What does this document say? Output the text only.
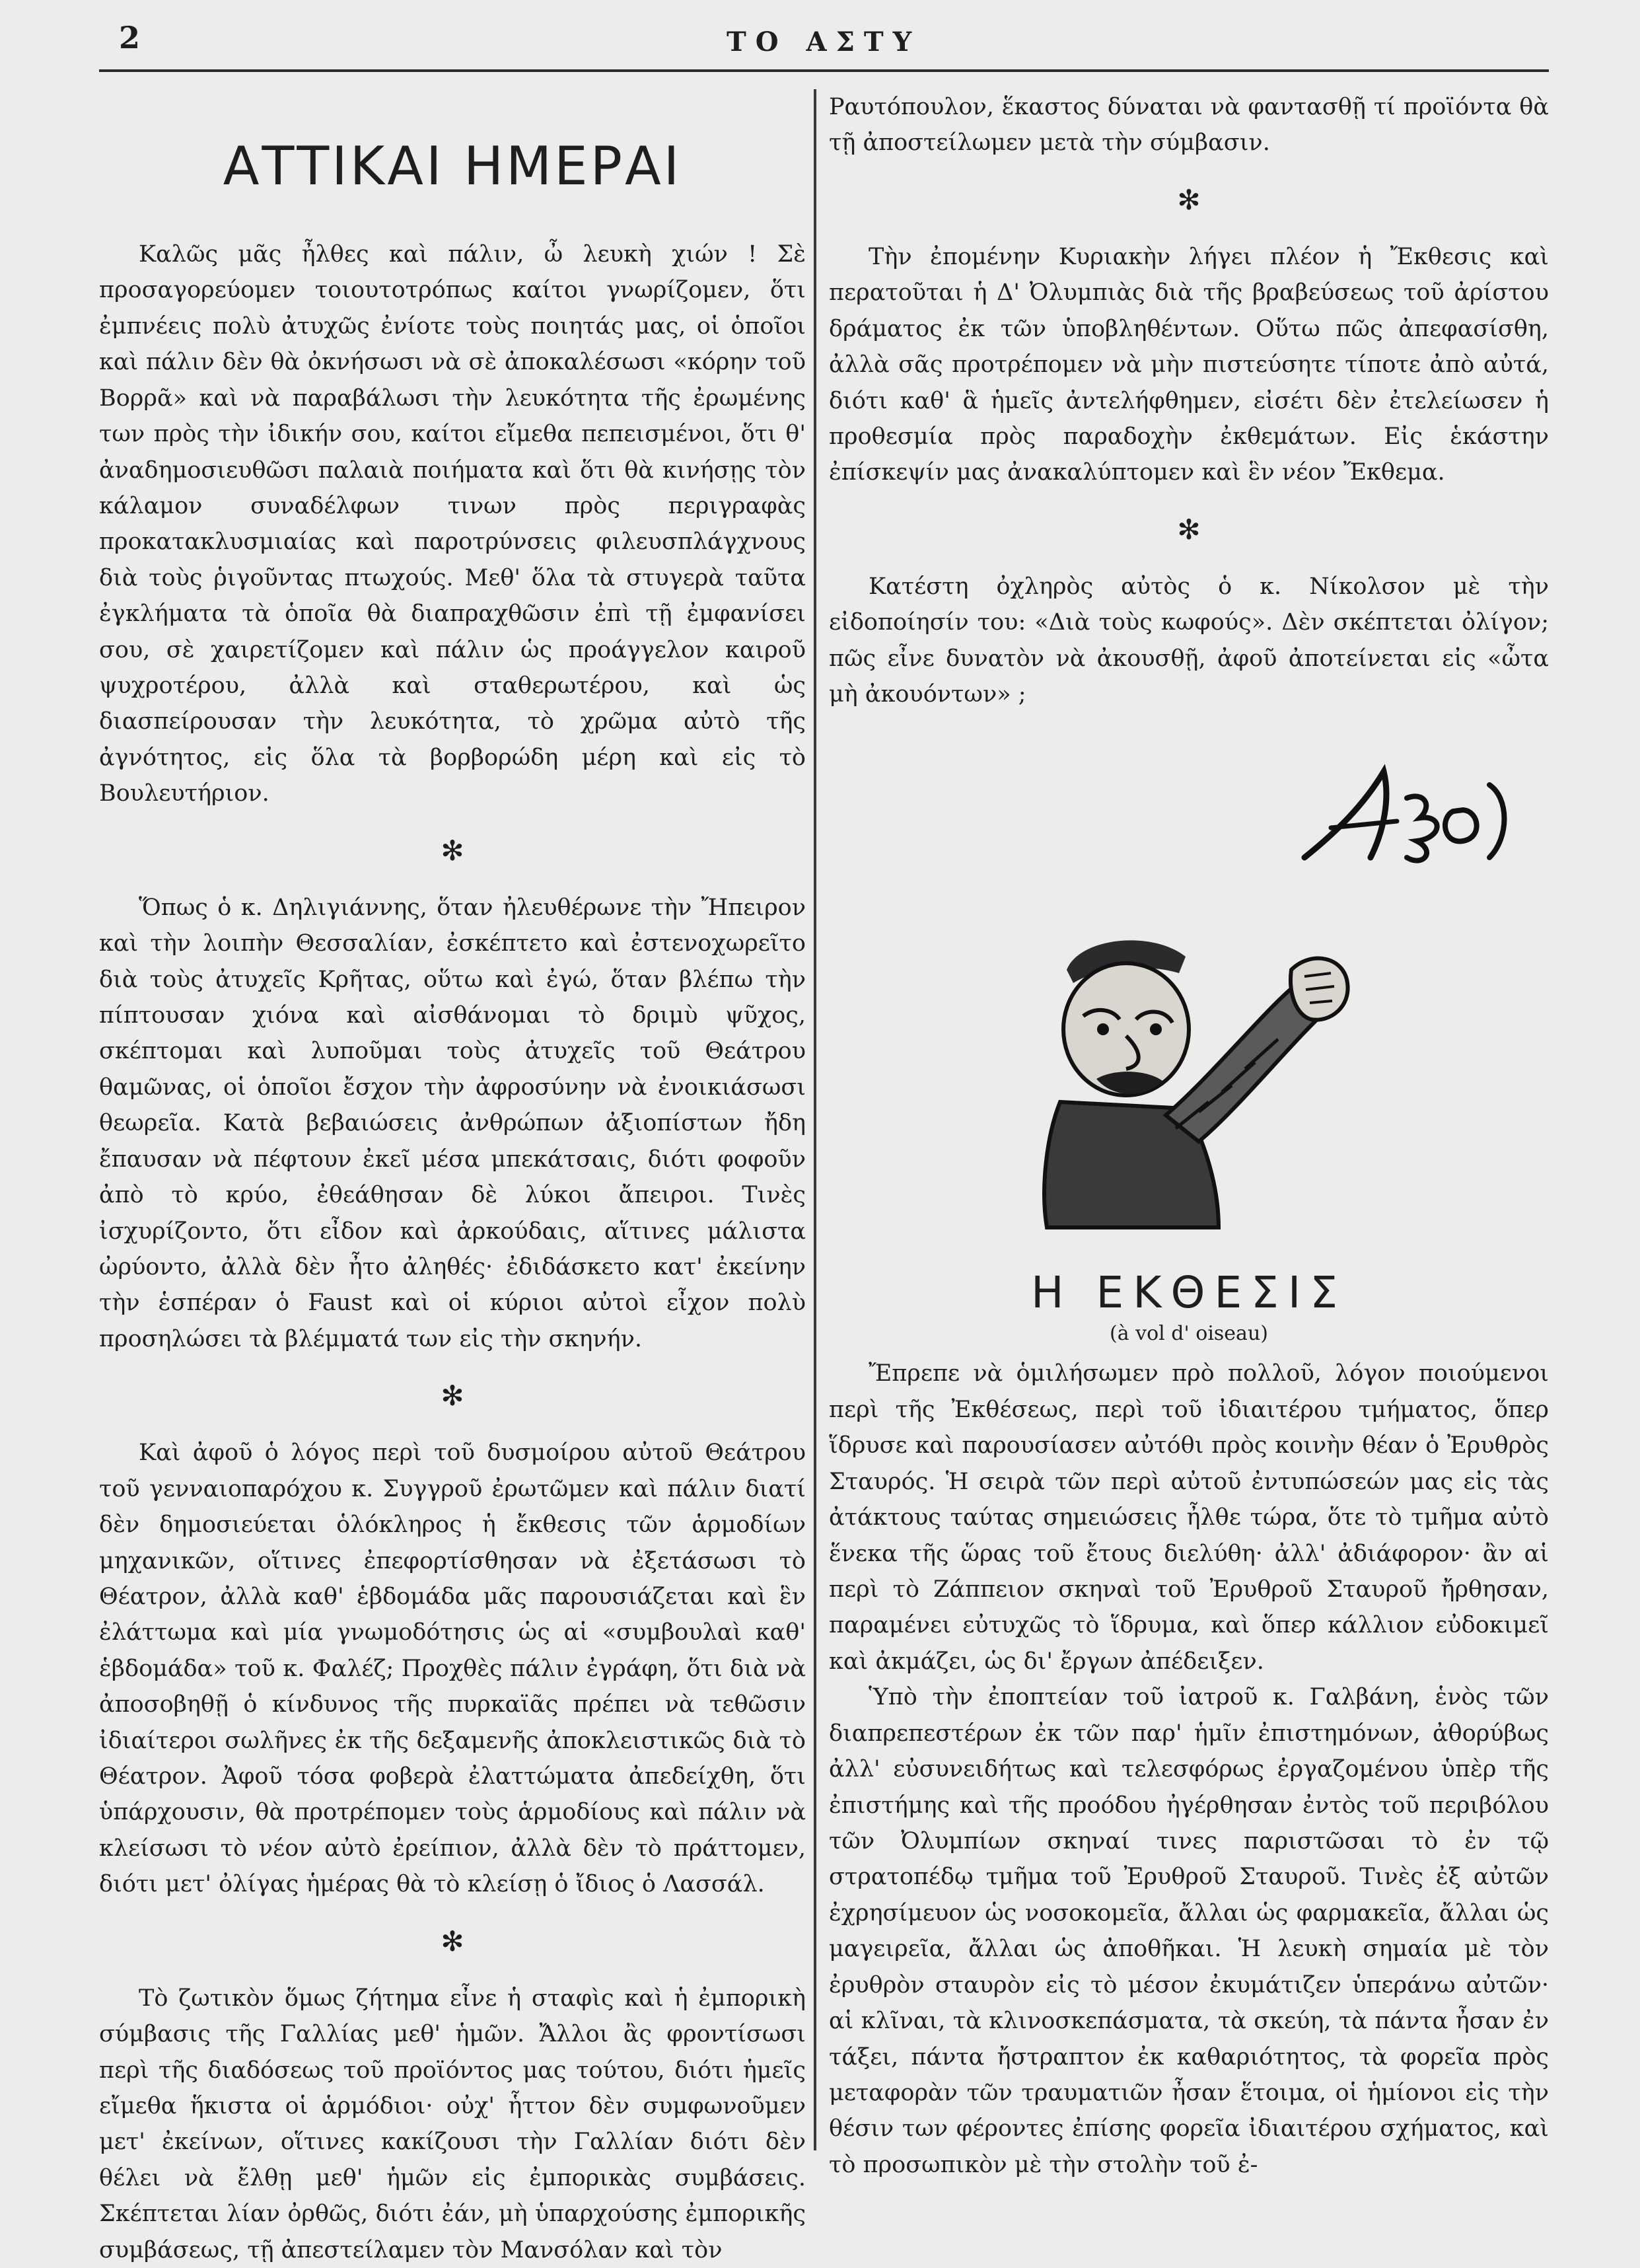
2	ΤΟ ΑΣΤΥ
ΑΤΤΙΚΑΙ ΗΜΕΡΑΙ

Καλῶς μᾶς ἦλθες καὶ πάλιν, ὦ λευκὴ χιών ! Σὲ προσαγορεύομεν τοιουτοτρόπως καίτοι γνωρίζομεν, ὅτι ἐμπνέεις πολὺ ἀτυχῶς ἐνίοτε τοὺς ποιητάς μας, οἱ ὁποῖοι καὶ πάλιν δὲν θὰ ὀκνήσωσι νὰ σὲ ἀποκαλέσωσι «κόρην τοῦ Βορρᾶ» καὶ νὰ παραβάλωσι τὴν λευκότητα τῆς ἐρωμένης των πρὸς τὴν ἰδικήν σου, καίτοι εἴμεθα πεπεισμένοι, ὅτι θ' ἀναδημοσιευθῶσι παλαιὰ ποιήματα καὶ ὅτι θὰ κινήσῃς τὸν κάλαμον συναδέλφων τινων πρὸς περιγραφὰς προκατακλυσμιαίας καὶ παροτρύνσεις φιλευσπλάγχνους διὰ τοὺς ῥιγοῦντας πτωχούς. Μεθ' ὅλα τὰ στυγερὰ ταῦτα ἐγκλήματα τὰ ὁποῖα θὰ διαπραχθῶσιν ἐπὶ τῇ ἐμφανίσει σου, σὲ χαιρετίζομεν καὶ πάλιν ὡς προάγγελον καιροῦ ψυχροτέρου, ἀλλὰ καὶ σταθερωτέρου, καὶ ὡς διασπείρουσαν τὴν λευκότητα, τὸ χρῶμα αὐτὸ τῆς ἀγνότητος, εἰς ὅλα τὰ βορβορώδη μέρη καὶ εἰς τὸ Βουλευτήριον.

✻

Ὅπως ὁ κ. Δηλιγιάννης, ὅταν ἠλευθέρωνε τὴν Ἤπειρον καὶ τὴν λοιπὴν Θεσσαλίαν, ἐσκέπτετο καὶ ἐστενοχωρεῖτο διὰ τοὺς ἀτυχεῖς Κρῆτας, οὕτω καὶ ἐγώ, ὅταν βλέπω τὴν πίπτουσαν χιόνα καὶ αἰσθάνομαι τὸ δριμὺ ψῦχος, σκέπτομαι καὶ λυποῦμαι τοὺς ἀτυχεῖς τοῦ Θεάτρου θαμῶνας, οἱ ὁποῖοι ἔσχον τὴν ἀφροσύνην νὰ ἐνοικιάσωσι θεωρεῖα. Κατὰ βεβαιώσεις ἀνθρώπων ἀξιοπίστων ἤδη ἔπαυσαν νὰ πέφτουν ἐκεῖ μέσα μπεκάτσαις, διότι φοφοῦν ἀπὸ τὸ κρύο, ἐθεάθησαν δὲ λύκοι ἄπειροι. Τινὲς ἰσχυρίζοντο, ὅτι εἶδον καὶ ἀρκούδαις, αἵτινες μάλιστα ὠρύοντο, ἀλλὰ δὲν ἦτο ἀληθές· ἐδιδάσκετο κατ' ἐκείνην τὴν ἑσπέραν ὁ Faust καὶ οἱ κύριοι αὐτοὶ εἶχον πολὺ προσηλώσει τὰ βλέμματά των εἰς τὴν σκηνήν.

✻

Καὶ ἀφοῦ ὁ λόγος περὶ τοῦ δυσμοίρου αὐτοῦ Θεάτρου τοῦ γενναιοπαρόχου κ. Συγγροῦ ἐρωτῶμεν καὶ πάλιν διατί δὲν δημοσιεύεται ὁλόκληρος ἡ ἔκθεσις τῶν ἁρμοδίων μηχανικῶν, οἵτινες ἐπεφορτίσθησαν νὰ ἐξετάσωσι τὸ Θέατρον, ἀλλὰ καθ' ἑβδομάδα μᾶς παρουσιάζεται καὶ ἓν ἐλάττωμα καὶ μία γνωμοδότησις ὡς αἱ «συμβουλαὶ καθ' ἑβδομάδα» τοῦ κ. Φαλέζ; Προχθὲς πάλιν ἐγράφη, ὅτι διὰ νὰ ἀποσοβηθῇ ὁ κίνδυνος τῆς πυρκαϊᾶς πρέπει νὰ τεθῶσιν ἰδιαίτεροι σωλῆνες ἐκ τῆς δεξαμενῆς ἀποκλειστικῶς διὰ τὸ Θέατρον. Ἀφοῦ τόσα φοβερὰ ἐλαττώματα ἀπεδείχθη, ὅτι ὑπάρχουσιν, θὰ προτρέπομεν τοὺς ἁρμοδίους καὶ πάλιν νὰ κλείσωσι τὸ νέον αὐτὸ ἐρείπιον, ἀλλὰ δὲν τὸ πράττομεν, διότι μετ' ὀλίγας ἡμέρας θὰ τὸ κλείσῃ ὁ ἴδιος ὁ Λασσάλ.

✻

Τὸ ζωτικὸν ὅμως ζήτημα εἶνε ἡ σταφὶς καὶ ἡ ἐμπορικὴ σύμβασις τῆς Γαλλίας μεθ' ἡμῶν. Ἄλλοι ἂς φροντίσωσι περὶ τῆς διαδόσεως τοῦ προϊόντος μας τούτου, διότι ἡμεῖς εἴμεθα ἥκιστα οἱ ἁρμόδιοι· οὐχ' ἧττον δὲν συμφωνοῦμεν μετ' ἐκείνων, οἵτινες κακίζουσι τὴν Γαλλίαν διότι δὲν θέλει νὰ ἔλθῃ μεθ' ἡμῶν εἰς ἐμπορικὰς συμβάσεις. Σκέπτεται λίαν ὀρθῶς, διότι ἐάν, μὴ ὑπαρχούσης ἐμπορικῆς συμβάσεως, τῇ ἀπεστείλαμεν τὸν Μανσόλαν καὶ τὸν

Ραυτόπουλον, ἕκαστος δύναται νὰ φαντασθῇ τί προϊόντα θὰ τῇ ἀποστείλωμεν μετὰ τὴν σύμβασιν.

✻

Τὴν ἐπομένην Κυριακὴν λήγει πλέον ἡ Ἔκθεσις καὶ περατοῦται ἡ Δ' Ὀλυμπιὰς διὰ τῆς βραβεύσεως τοῦ ἀρίστου δράματος ἐκ τῶν ὑποβληθέντων. Οὕτω πῶς ἀπεφασίσθη, ἀλλὰ σᾶς προτρέπομεν νὰ μὴν πιστεύσητε τίποτε ἀπὸ αὐτά, διότι καθ' ἃ ἡμεῖς ἀντελήφθημεν, εἰσέτι δὲν ἐτελείωσεν ἡ προθεσμία πρὸς παραδοχὴν ἐκθεμάτων. Εἰς ἑκάστην ἐπίσκεψίν μας ἀνακαλύπτομεν καὶ ἓν νέον Ἔκθεμα.

✻

Κατέστη ὀχληρὸς αὐτὸς ὁ κ. Νίκολσον μὲ τὴν εἰδοποίησίν του: «Διὰ τοὺς κωφούς». Δὲν σκέπτεται ὀλίγον; πῶς εἶνε δυνατὸν νὰ ἀκουσθῇ, ἀφοῦ ἀποτείνεται εἰς «ὦτα μὴ ἀκουόντων» ;

Η ΕΚΘΕΣΙΣ
(à vol d' oiseau)

Ἔπρεπε νὰ ὁμιλήσωμεν πρὸ πολλοῦ, λόγον ποιούμενοι περὶ τῆς Ἐκθέσεως, περὶ τοῦ ἰδιαιτέρου τμήματος, ὅπερ ἵδρυσε καὶ παρουσίασεν αὐτόθι πρὸς κοινὴν θέαν ὁ Ἐρυθρὸς Σταυρός. Ἡ σειρὰ τῶν περὶ αὐτοῦ ἐντυπώσεών μας εἰς τὰς ἀτάκτους ταύτας σημειώσεις ἦλθε τώρα, ὅτε τὸ τμῆμα αὐτὸ ἕνεκα τῆς ὥρας τοῦ ἔτους διελύθη· ἀλλ' ἀδιάφορον· ἂν αἱ περὶ τὸ Ζάππειον σκηναὶ τοῦ Ἐρυθροῦ Σταυροῦ ἤρθησαν, παραμένει εὐτυχῶς τὸ ἵδρυμα, καὶ ὅπερ κάλλιον εὐδοκιμεῖ καὶ ἀκμάζει, ὡς δι' ἔργων ἀπέδειξεν.

Ὑπὸ τὴν ἐποπτείαν τοῦ ἰατροῦ κ. Γαλβάνη, ἑνὸς τῶν διαπρεπεστέρων ἐκ τῶν παρ' ἡμῖν ἐπιστημόνων, ἀθορύβως ἀλλ' εὐσυνειδήτως καὶ τελεσφόρως ἐργαζομένου ὑπὲρ τῆς ἐπιστήμης καὶ τῆς προόδου ἠγέρθησαν ἐντὸς τοῦ περιβόλου τῶν Ὀλυμπίων σκηναί τινες παριστῶσαι τὸ ἐν τῷ στρατοπέδῳ τμῆμα τοῦ Ἐρυθροῦ Σταυροῦ. Τινὲς ἐξ αὐτῶν ἐχρησίμευον ὡς νοσοκομεῖα, ἄλλαι ὡς φαρμακεῖα, ἄλλαι ὡς μαγειρεῖα, ἄλλαι ὡς ἀποθῆκαι. Ἡ λευκὴ σημαία μὲ τὸν ἐρυθρὸν σταυρὸν εἰς τὸ μέσον ἐκυμάτιζεν ὑπεράνω αὐτῶν· αἱ κλῖναι, τὰ κλινοσκεπάσματα, τὰ σκεύη, τὰ πάντα ἦσαν ἐν τάξει, πάντα ἤστραπτον ἐκ καθαριότητος, τὰ φορεῖα πρὸς μεταφορὰν τῶν τραυματιῶν ἦσαν ἕτοιμα, οἱ ἡμίονοι εἰς τὴν θέσιν των φέροντες ἐπίσης φορεῖα ἰδιαιτέρου σχήματος, καὶ τὸ προσωπικὸν μὲ τὴν στολὴν τοῦ ἐ-
